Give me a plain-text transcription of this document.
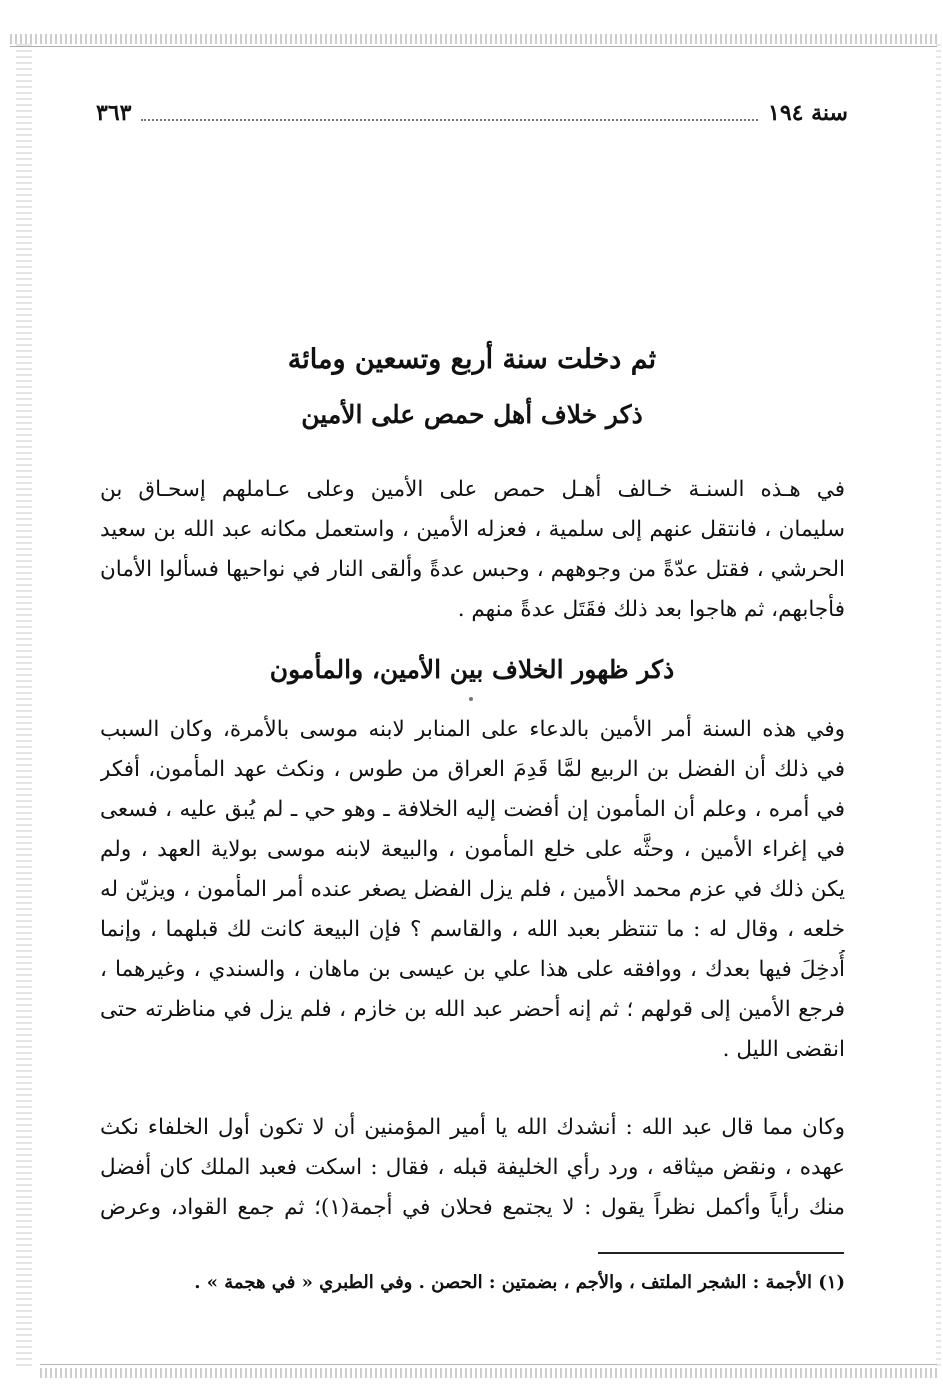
سنة ١٩٤
٣٦٣
ثم دخلت سنة أربع وتسعين ومائة
ذكر خلاف أهل حمص على الأمين
في هـذه السنـة خـالف أهـل حمص على الأمين وعلى عـاملهم إسحـاق بن
سليمان ، فانتقل عنهم إلى سلمية ، فعزله الأمين ، واستعمل مكانه عبد الله بن سعيد
الحرشي ، فقتل عدّةً من وجوههم ، وحبس عدةً وألقى النار في نواحيها فسألوا الأمان
فأجابهم، ثم هاجوا بعد ذلك فقَتَل عدةً منهم .
ذكر ظهور الخلاف بين الأمين، والمأمون
وفي هذه السنة أمر الأمين بالدعاء على المنابر لابنه موسى بالأمرة، وكان السبب
في ذلك أن الفضل بن الربيع لمَّا قَدِمَ العراق من طوس ، ونكث عهد المأمون، أفكر
في أمره ، وعلم أن المأمون إن أفضت إليه الخلافة ـ وهو حي ـ لم يُبق عليه ، فسعى
في إغراء الأمين ، وحثَّه على خلع المأمون ، والبيعة لابنه موسى بولاية العهد ، ولم
يكن ذلك في عزم محمد الأمين ، فلم يزل الفضل يصغر عنده أمر المأمون ، ويزيّن له
خلعه ، وقال له : ما تنتظر بعبد الله ، والقاسم ؟ فإن البيعة كانت لك قبلهما ، وإنما
أُدخِلَ فيها بعدك ، ووافقه على هذا علي بن عيسى بن ماهان ، والسندي ، وغيرهما ،
فرجع الأمين إلى قولهم ؛ ثم إنه أحضر عبد الله بن خازم ، فلم يزل في مناظرته حتى
انقضى الليل .
وكان مما قال عبد الله : أنشدك الله يا أمير المؤمنين أن لا تكون أول الخلفاء نكث
عهده ، ونقض ميثاقه ، ورد رأي الخليفة قبله ، فقال : اسكت فعبد الملك كان أفضل
منك رأياً وأكمل نظراً يقول : لا يجتمع فحلان في أجمة(١)؛ ثم جمع القواد، وعرض

(١) الأجمة : الشجر الملتف ، والأجم ، بضمتين : الحصن . وفي الطبري « في هجمة » .
